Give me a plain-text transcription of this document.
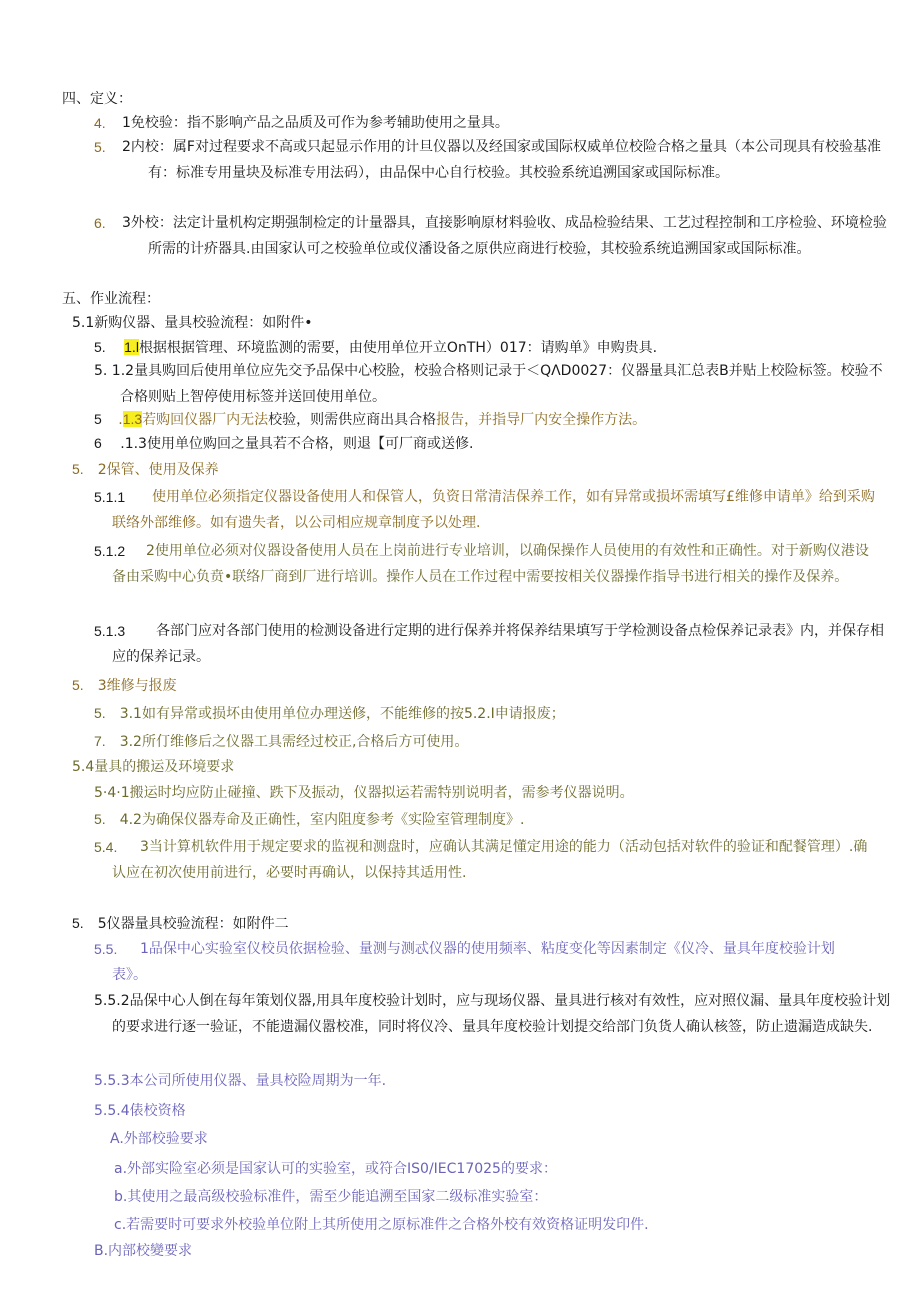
四、定义：
4. 1免校验：指不影响产品之品质及可作为参考辅助使用之量具。
5. 2内校：属F对过程要求不高或只起显示作用的计旦仪器以及经国家或国际权威单位校险合格之量具（本公司现具有校验基准有：标准专用量块及标准专用法码），由品保中心自行校验。其校验系统追溯国家或国际标准。
6. 3外校：法定计量机构定期强制检定的计量器具，直接影响原材料验收、成品检验结果、工艺过程控制和工序检验、环境检验所需的计疥器具.由国家认可之校验单位或仪潘设备之原供应商进行校验，其校验系统追溯国家或国际标准。
五、作业流程：
5.1新购仪器、量具校验流程：如附件•
5. 1.l根据根据管理、环境监测的需要，由使用单位开立OnTH）017：请购单》申购贵具.
5. 1.2量具购回后使用单位应先交予品保中心校脸，校验合格则记录于＜QΛD0027：仪器量具汇总表B并贴上校险标签。校验不合格则贴上智停使用标签并送回使用单位。
5 .1.3若购回仪器厂内无法校验，则需供应商出具合格报告，并指导厂内安全操作方法。
6 .1.3使用单位购回之量具若不合格，则退【可厂商或送修.
5. 2保管、使用及保养
5.1.1	使用单位必须指定仪器设备使用人和保管人，负资日常清洁保养工作，如有异常或损坏需填写£维修申请单》给到采购联络外部维修。如有遗失者，以公司相应规章制度予以处理.
5.1.2	2使用单位必须对仪器设备使用人员在上岗前进行专业培训，以确保操作人员使用的有效性和正确性。对于新购仪港设备由采购中心负贲•联络厂商到厂进行培训。操作人员在工作过程中需要按相关仪器操作指导书进行相关的操作及保养。
5.1.3	各部门应对各部门使用的检测设备进行定期的进行保养并将保养结果填写于学检测设备点检保养记录表》内，并保存相应的保养记录。
5. 3维修与报废
5. 3.1如有异常或损坏由使用单位办理送修，不能维修的按5.2.I申请报废；
7. 3.2所仃维修后之仪器工具需经过校正,合格后方可使用。
5.4量具的搬运及环境要求
5·4·1搬运时均应防止碰撞、跌下及振动，仪器拟运若需特别说明者，需参考仪器说明。
5. 4.2为确保仪器寿命及正确性，室内阻度参考《实险室管理制度》.
5.4.	3当计算机软件用于规定要求的监视和测盘时，应确认其满足懂定用途的能力（活动包括对软件的验证和配餐管理）.确认应在初次使用前进行，必要时再确认，以保持其适用性.
5. 5仪器量具校验流程：如附件二
5.5.	1品保中心实验室仪校员依据检验、量测与测忒仪器的使用频率、粘度变化等因素制定《仪冷、量具年度校验计划表》。
5.5.2品保中心人倒在每年策划仪器,用具年度校验计划时，应与现场仪器、量具进行核对有效性，应对照仪漏、量具年度校验计划的要求进行逐一验证，不能遗漏仪嚣校准，同时将仪冷、量具年度校验计划提交给部门负货人确认核签，防止遗漏造成缺失.
5.5.3本公司所使用仪器、量具校险周期为一年.
5.5.4俵校资格
A.外部校验要求
a.外部实险室必须是国家认可的实验室，或符合IS0/IEC17025的要求：
b.其使用之最高级校验标准件，需至少能追溯至国家二级标准实验室：
c.若需要时可要求外校验单位附上其所使用之原标准件之合格外校有效资格证明发印件.
B.内部校變要求
